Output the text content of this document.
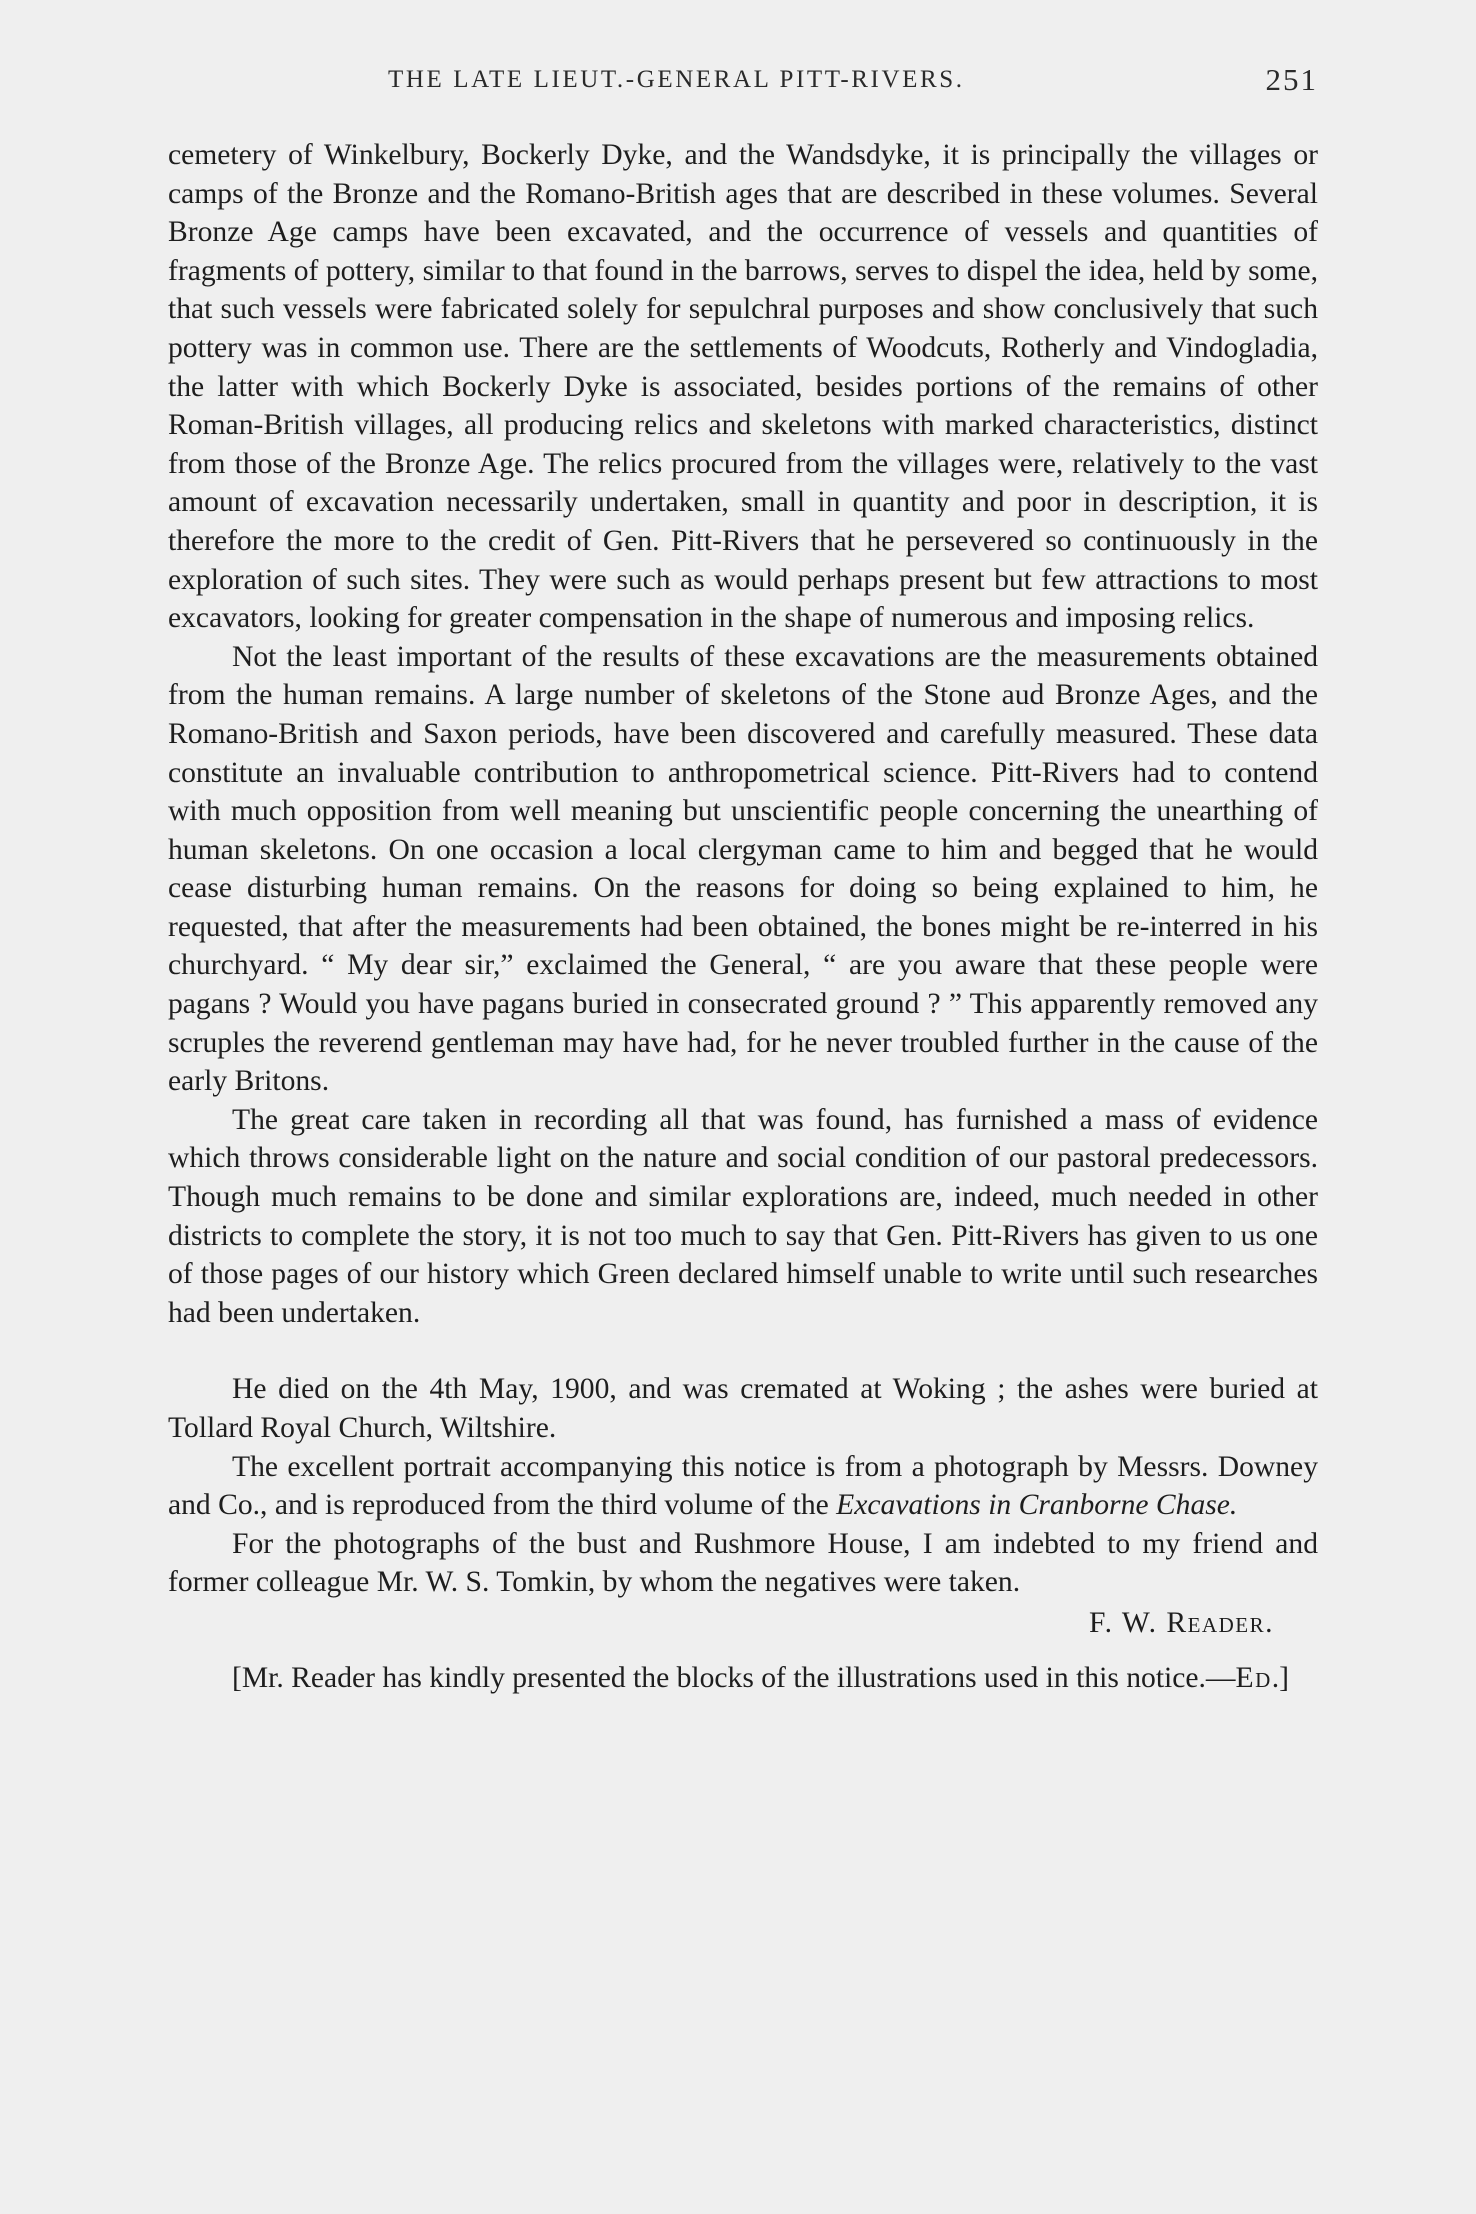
THE LATE LIEUT.-GENERAL PITT-RIVERS.	251

cemetery of Winkelbury, Bockerly Dyke, and the Wandsdyke, it is principally the villages or camps of the Bronze and the Romano-British ages that are described in these volumes. Several Bronze Age camps have been excavated, and the occurrence of vessels and quantities of fragments of pottery, similar to that found in the barrows, serves to dispel the idea, held by some, that such vessels were fabricated solely for sepulchral purposes and show conclusively that such pottery was in common use. There are the settlements of Woodcuts, Rotherly and Vindogladia, the latter with which Bockerly Dyke is associated, besides portions of the remains of other Roman-British villages, all producing relics and skeletons with marked characteristics, distinct from those of the Bronze Age. The relics procured from the villages were, relatively to the vast amount of excavation necessarily undertaken, small in quantity and poor in description, it is therefore the more to the credit of Gen. Pitt-Rivers that he persevered so continuously in the exploration of such sites. They were such as would perhaps present but few attractions to most excavators, looking for greater compensation in the shape of numerous and imposing relics.

Not the least important of the results of these excavations are the measurements obtained from the human remains. A large number of skeletons of the Stone aud Bronze Ages, and the Romano-British and Saxon periods, have been discovered and carefully measured. These data constitute an invaluable contribution to anthropometrical science. Pitt-Rivers had to contend with much opposition from well meaning but unscientific people concerning the unearthing of human skeletons. On one occasion a local clergyman came to him and begged that he would cease disturbing human remains. On the reasons for doing so being explained to him, he requested, that after the measurements had been obtained, the bones might be re-interred in his churchyard. “ My dear sir,” exclaimed the General, “ are you aware that these people were pagans ? Would you have pagans buried in consecrated ground ? ” This apparently removed any scruples the reverend gentleman may have had, for he never troubled further in the cause of the early Britons.

The great care taken in recording all that was found, has furnished a mass of evidence which throws considerable light on the nature and social condition of our pastoral predecessors. Though much remains to be done and similar explorations are, indeed, much needed in other districts to complete the story, it is not too much to say that Gen. Pitt-Rivers has given to us one of those pages of our history which Green declared himself unable to write until such researches had been undertaken.

He died on the 4th May, 1900, and was cremated at Woking ; the ashes were buried at Tollard Royal Church, Wiltshire.

The excellent portrait accompanying this notice is from a photograph by Messrs. Downey and Co., and is reproduced from the third volume of the Excavations in Cranborne Chase.

For the photographs of the bust and Rushmore House, I am indebted to my friend and former colleague Mr. W. S. Tomkin, by whom the negatives were taken.

F. W. Reader.

[Mr. Reader has kindly presented the blocks of the illustrations used in this notice.—Ed.]
